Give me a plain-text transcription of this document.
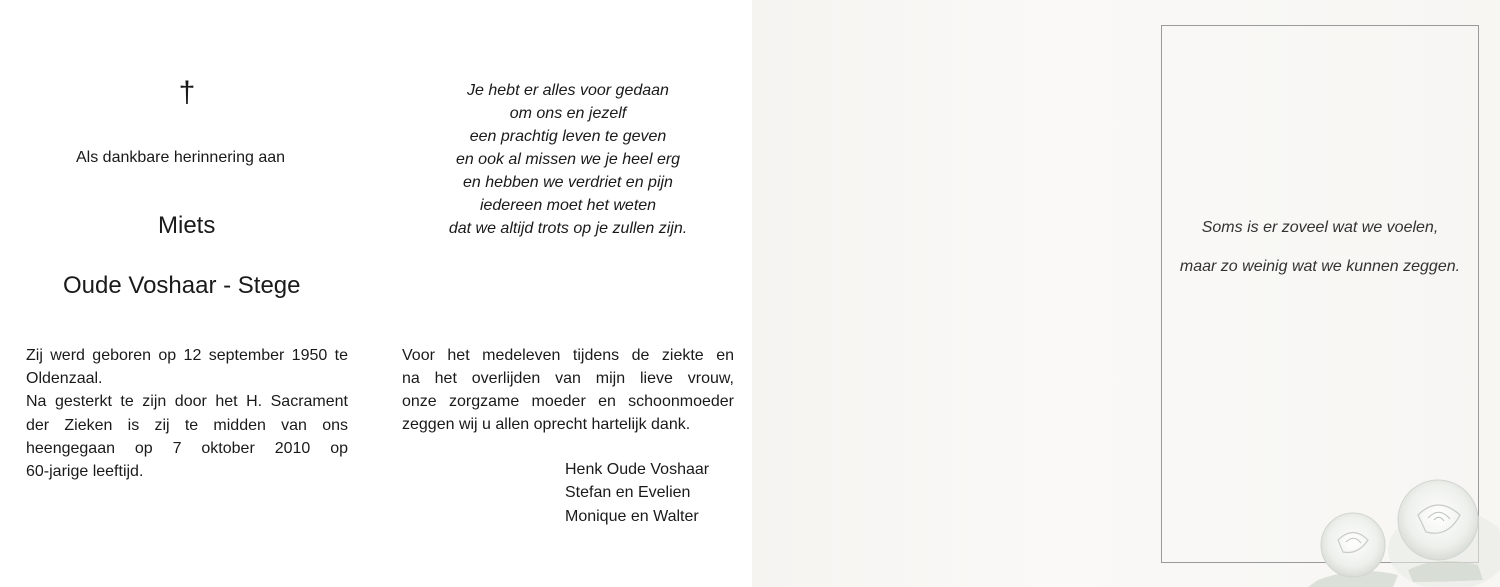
†
Als dankbare herinnering aan
Miets
Oude Voshaar - Stege
Zij werd geboren op 12 september 1950 te
Oldenzaal.
Na gesterkt te zijn door het H. Sacrament
der Zieken is zij te midden van ons
heengegaan op 7 oktober 2010 op
60-jarige leeftijd.
Je hebt er alles voor gedaan
om ons en jezelf
een prachtig leven te geven
en ook al missen we je heel erg
en hebben we verdriet en pijn
iedereen moet het weten
dat we altijd trots op je zullen zijn.
Voor het medeleven tijdens de ziekte en
na het overlijden van mijn lieve vrouw,
onze zorgzame moeder en schoonmoeder
zeggen wij u allen oprecht hartelijk dank.
Henk Oude Voshaar
Stefan en Evelien
Monique en Walter
Soms is er zoveel wat we voelen,
maar zo weinig wat we kunnen zeggen.
